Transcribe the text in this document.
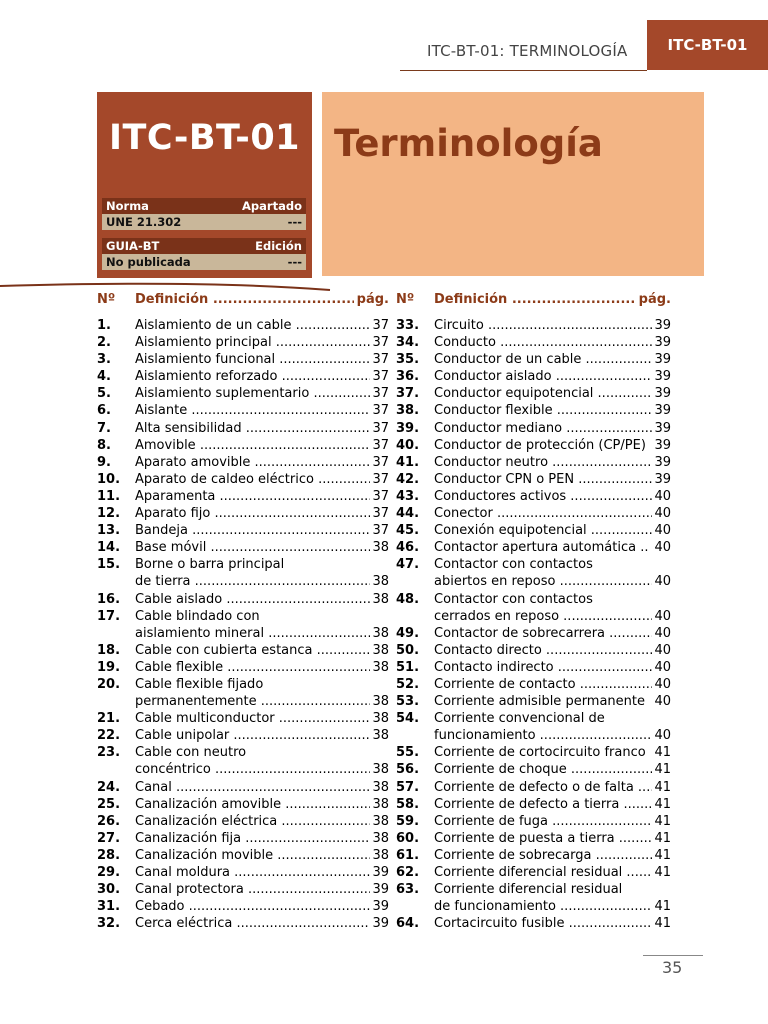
ITC-BT-01: TERMINOLOGÍA	ITC-BT-01
ITC-BT-01
Norma	Apartado
UNE 21.302	---
GUIA-BT	Edición
No publicada	---
Terminología
Nº	Definición .....	pág.
1.	Aislamiento de un cable .....	37
2.	Aislamiento principal .....	37
3.	Aislamiento funcional .....	37
4.	Aislamiento reforzado .....	37
5.	Aislamiento suplementario .....	37
6.	Aislante .....	37
7.	Alta sensibilidad .....	37
8.	Amovible .....	37
9.	Aparato amovible .....	37
10.	Aparato de caldeo eléctrico .....	37
11.	Aparamenta .....	37
12.	Aparato fijo .....	37
13.	Bandeja .....	37
14.	Base móvil .....	38
15.	Borne o barra principal
de tierra .....	38
16.	Cable aislado .....	38
17.	Cable blindado con
aislamiento mineral .....	38
18.	Cable con cubierta estanca .....	38
19.	Cable flexible .....	38
20.	Cable flexible fijado
permanentemente .....	38
21.	Cable multiconductor .....	38
22.	Cable unipolar .....	38
23.	Cable con neutro
concéntrico .....	38
24.	Canal .....	38
25.	Canalización amovible .....	38
26.	Canalización eléctrica .....	38
27.	Canalización fija .....	38
28.	Canalización movible .....	38
29.	Canal moldura .....	39
30.	Canal protectora .....	39
31.	Cebado .....	39
32.	Cerca eléctrica .....	39
Nº	Definición .....	pág.
33.	Circuito .....	39
34.	Conducto .....	39
35.	Conductor de un cable .....	39
36.	Conductor aislado .....	39
37.	Conductor equipotencial .....	39
38.	Conductor flexible .....	39
39.	Conductor mediano .....	39
40.	Conductor de protección (CP/PE) 39
41.	Conductor neutro .....	39
42.	Conductor CPN o PEN .....	39
43.	Conductores activos .....	40
44.	Conector .....	40
45.	Conexión equipotencial .....	40
46.	Contactor apertura automática .. 40
47.	Contactor con contactos
abiertos en reposo .....	40
48.	Contactor con contactos
cerrados en reposo .....	40
49.	Contactor de sobrecarrera .....	40
50.	Contacto directo .....	40
51.	Contacto indirecto .....	40
52.	Corriente de contacto .....	40
53.	Corriente admisible permanente 40
54.	Corriente convencional de
funcionamiento .....	40
55.	Corriente de cortocircuito franco 41
56.	Corriente de choque .....	41
57.	Corriente de defecto o de falta .....	41
58.	Corriente de defecto a tierra .....	41
59.	Corriente de fuga .....	41
60.	Corriente de puesta a tierra .....	41
61.	Corriente de sobrecarga .....	41
62.	Corriente diferencial residual .....	41
63.	Corriente diferencial residual
de funcionamiento .....	41
64.	Cortacircuito fusible .....	41
35
